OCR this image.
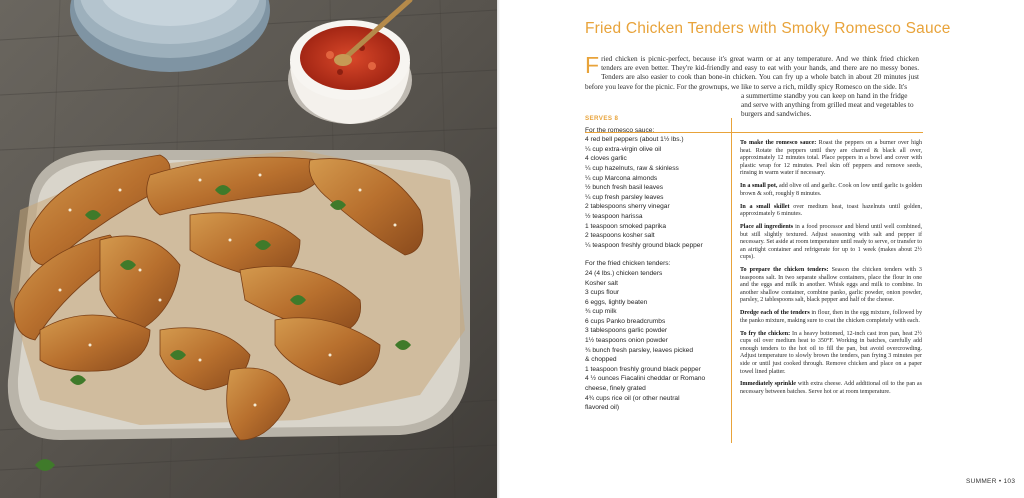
Fried Chicken Tenders with Smoky Romesco Sauce

Fried chicken is picnic-perfect, because it's great warm or at any temperature. And we think fried chicken tenders are even better. They're kid-friendly and easy to eat with your hands, and there are no messy bones. Tenders are also easier to cook than bone-in chicken. You can fry up a whole batch in about 20 minutes just before you leave for the picnic. For the grownups, we like to serve a rich, mildly spicy Romesco on the side. It's

a summertime standby you can keep on hand in the fridge and serve with anything from grilled meat and vegetables to burgers and sandwiches.

SERVES 8
For the romesco sauce:
4 red bell peppers (about 1½ lbs.)
¼ cup extra-virgin olive oil
4 cloves garlic
¼ cup hazelnuts, raw & skinless
¼ cup Marcona almonds
½ bunch fresh basil leaves
¼ cup fresh parsley leaves
2 tablespoons sherry vinegar
½ teaspoon harissa
1 teaspoon smoked paprika
2 teaspoons kosher salt
¼ teaspoon freshly ground black pepper
For the fried chicken tenders:
24 (4 lbs.) chicken tenders
Kosher salt
3 cups flour
6 eggs, lightly beaten
¾ cup milk
6 cups Panko breadcrumbs
3 tablespoons garlic powder
1½ teaspoons onion powder
¾ bunch fresh parsley, leaves picked
& chopped
1 teaspoon freshly ground black pepper
4 ½ ounces Fiacalini cheddar or Romano
cheese, finely grated
4¾ cups rice oil (or other neutral
flavored oil)

To make the romesco sauce: Roast the peppers on a burner over high heat. Rotate the peppers until they are charred & black all over, approximately 12 minutes total. Place peppers in a bowl and cover with plastic wrap for 12 minutes. Peel skin off peppers and remove seeds, rinsing in warm water if necessary.

In a small pot, add olive oil and garlic. Cook on low until garlic is golden brown & soft, roughly 8 minutes.

In a small skillet over medium heat, toast hazelnuts until golden, approximately 6 minutes.

Place all ingredients in a food processor and blend until well combined, but still slightly textured. Adjust seasoning with salt and pepper if necessary. Set aside at room temperature until ready to serve, or transfer to an airtight container and refrigerate for up to 1 week (makes about 2½ cups).

To prepare the chicken tenders: Season the chicken tenders with 3 teaspoons salt. In two separate shallow containers, place the flour in one and the eggs and milk in another. Whisk eggs and milk to combine. In another shallow container, combine panko, garlic powder, onion powder, parsley, 2 tablespoons salt, black pepper and half of the cheese.

Dredge each of the tenders in flour, then in the egg mixture, followed by the panko mixture, making sure to coat the chicken completely with each.

To fry the chicken: In a heavy bottomed, 12-inch cast iron pan, heat 2½ cups oil over medium heat to 350°F. Working in batches, carefully add enough tenders to the hot oil to fill the pan, but avoid overcrowding. Adjust temperature to slowly brown the tenders, pan frying 3 minutes per side or until just cooked through. Remove chicken and place on a paper towel lined platter.

Immediately sprinkle with extra cheese. Add additional oil to the pan as necessary between batches. Serve hot or at room temperature.

SUMMER • 103
